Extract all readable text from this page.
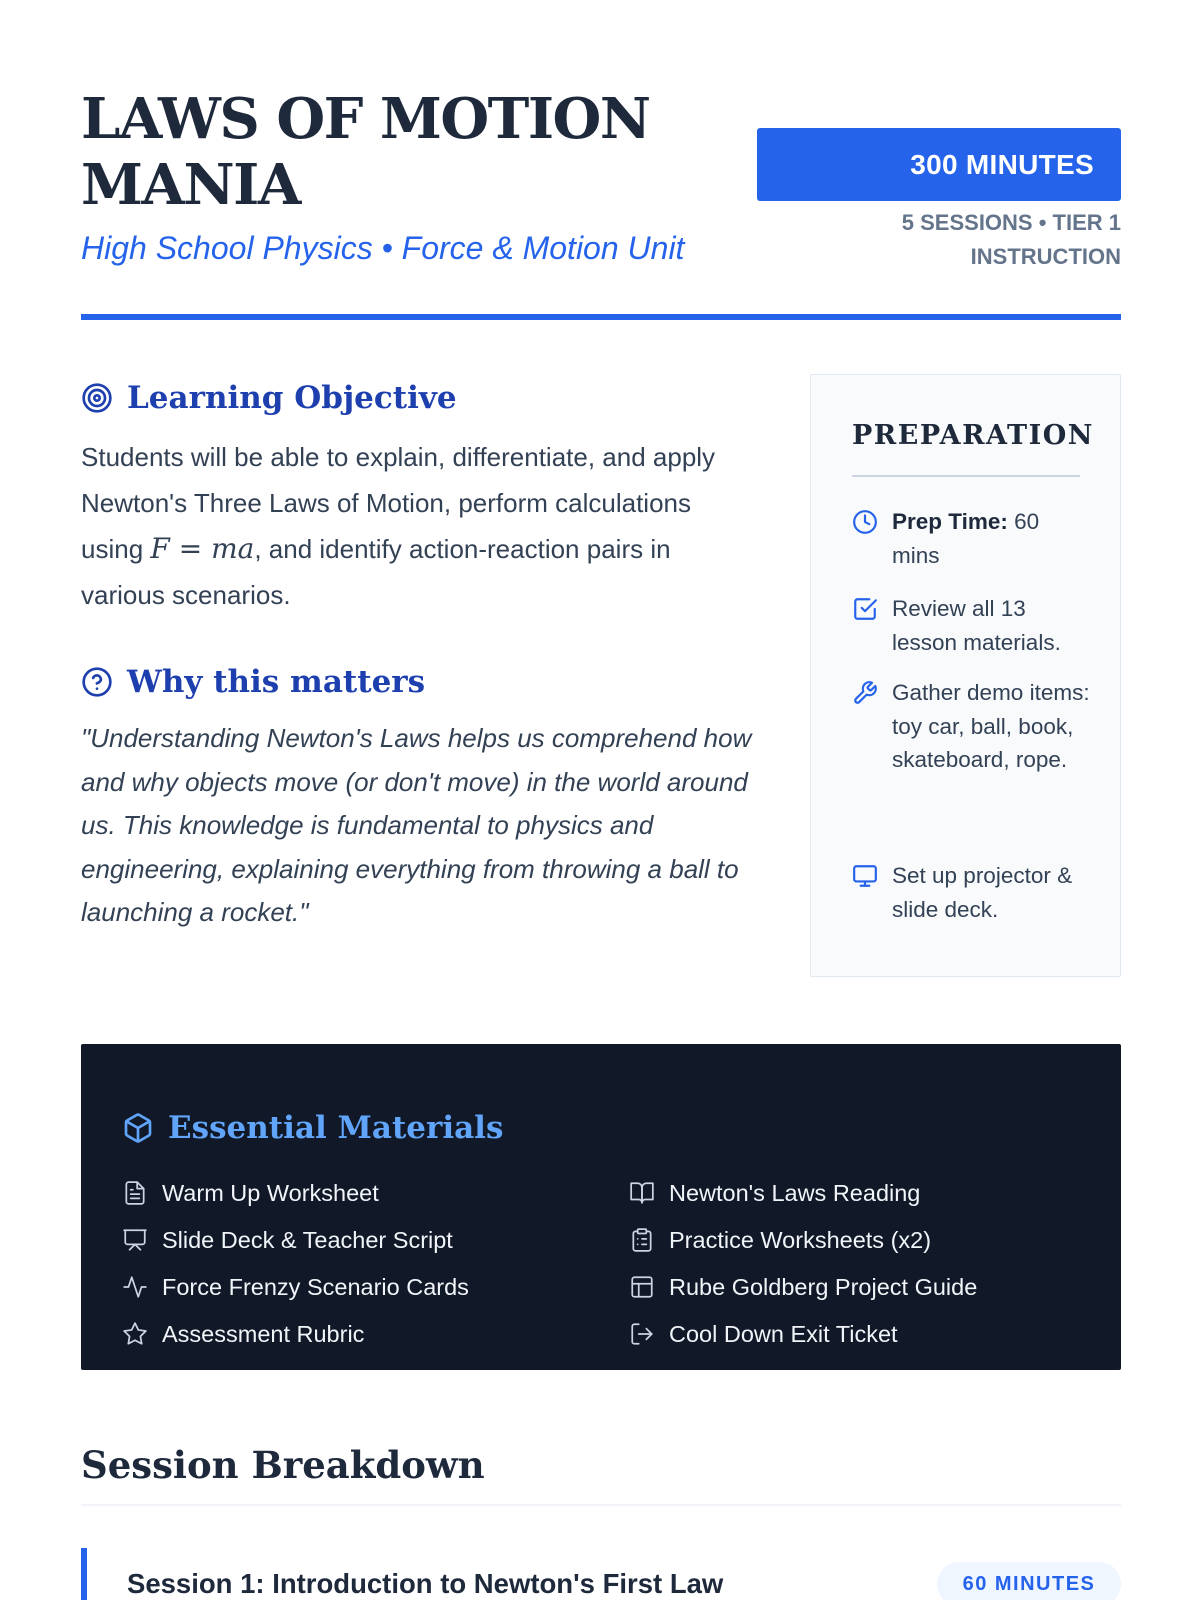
LAWS OF MOTION MANIA
High School Physics • Force & Motion Unit
300 MINUTES
5 SESSIONS • TIER 1
INSTRUCTION
Learning Objective

Students will be able to explain, differentiate, and apply Newton's Three Laws of Motion, perform calculations using F = ma, and identify action-reaction pairs in various scenarios.

Why this matters

"Understanding Newton's Laws helps us comprehend how and why objects move (or don't move) in the world around us. This knowledge is fundamental to physics and engineering, explaining everything from throwing a ball to launching a rocket."

PREPARATION
Prep Time: 60 mins
Review all 13 lesson materials.
Gather demo items: toy car, ball, book, skateboard, rope.
Set up projector & slide deck.
Essential Materials
Warm Up Worksheet	Newton's Laws Reading
Slide Deck & Teacher Script	Practice Worksheets (x2)
Force Frenzy Scenario Cards	Rube Goldberg Project Guide
Assessment Rubric	Cool Down Exit Ticket
Session Breakdown
Session 1: Introduction to Newton's First Law	60 MINUTES
